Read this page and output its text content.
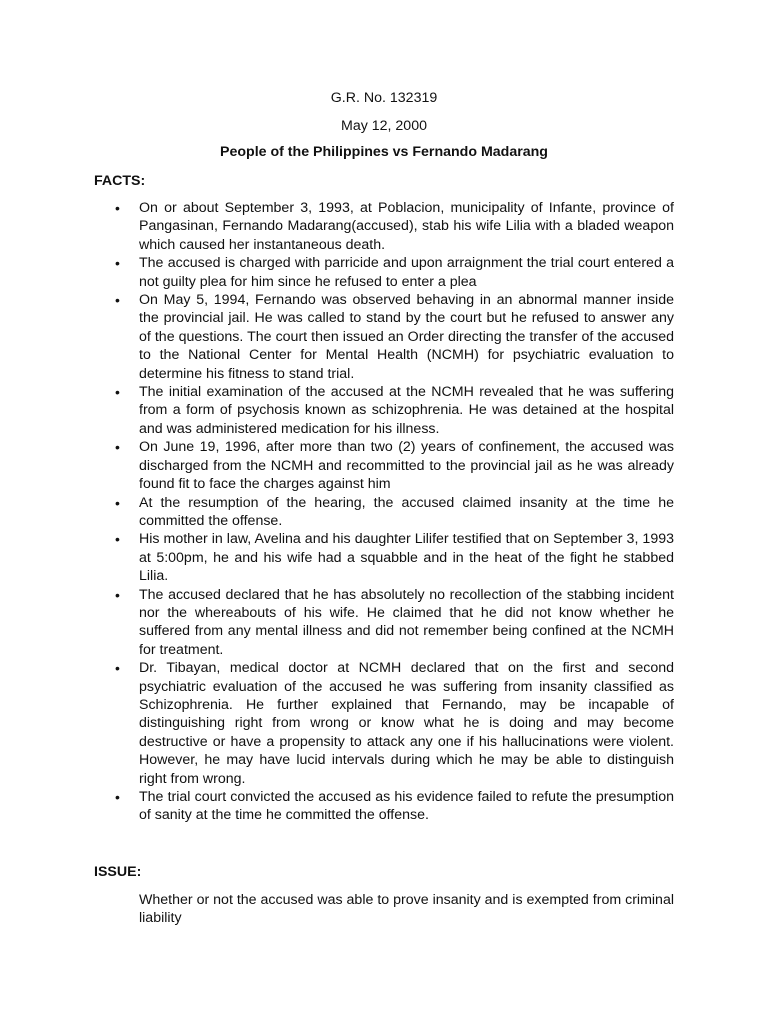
G.R. No. 132319

May 12, 2000

People of the Philippines vs Fernando Madarang

FACTS:

• On or about September 3, 1993, at Poblacion, municipality of Infante, province of Pangasinan, Fernando Madarang(accused), stab his wife Lilia with a bladed weapon which caused her instantaneous death.
• The accused is charged with parricide and upon arraignment the trial court entered a not guilty plea for him since he refused to enter a plea
• On May 5, 1994, Fernando was observed behaving in an abnormal manner inside the provincial jail. He was called to stand by the court but he refused to answer any of the questions. The court then issued an Order directing the transfer of the accused to the National Center for Mental Health (NCMH) for psychiatric evaluation to determine his fitness to stand trial.
• The initial examination of the accused at the NCMH revealed that he was suffering from a form of psychosis known as schizophrenia. He was detained at the hospital and was administered medication for his illness.
• On June 19, 1996, after more than two (2) years of confinement, the accused was discharged from the NCMH and recommitted to the provincial jail as he was already found fit to face the charges against him
• At the resumption of the hearing, the accused claimed insanity at the time he committed the offense.
• His mother in law, Avelina and his daughter Lilifer testified that on September 3, 1993 at 5:00pm, he and his wife had a squabble and in the heat of the fight he stabbed Lilia.
• The accused declared that he has absolutely no recollection of the stabbing incident nor the whereabouts of his wife. He claimed that he did not know whether he suffered from any mental illness and did not remember being confined at the NCMH for treatment.
• Dr. Tibayan, medical doctor at NCMH declared that on the first and second psychiatric evaluation of the accused he was suffering from insanity classified as Schizophrenia. He further explained that Fernando, may be incapable of distinguishing right from wrong or know what he is doing and may become destructive or have a propensity to attack any one if his hallucinations were violent. However, he may have lucid intervals during which he may be able to distinguish right from wrong.
• The trial court convicted the accused as his evidence failed to refute the presumption of sanity at the time he committed the offense.

ISSUE:

Whether or not the accused was able to prove insanity and is exempted from criminal liability
